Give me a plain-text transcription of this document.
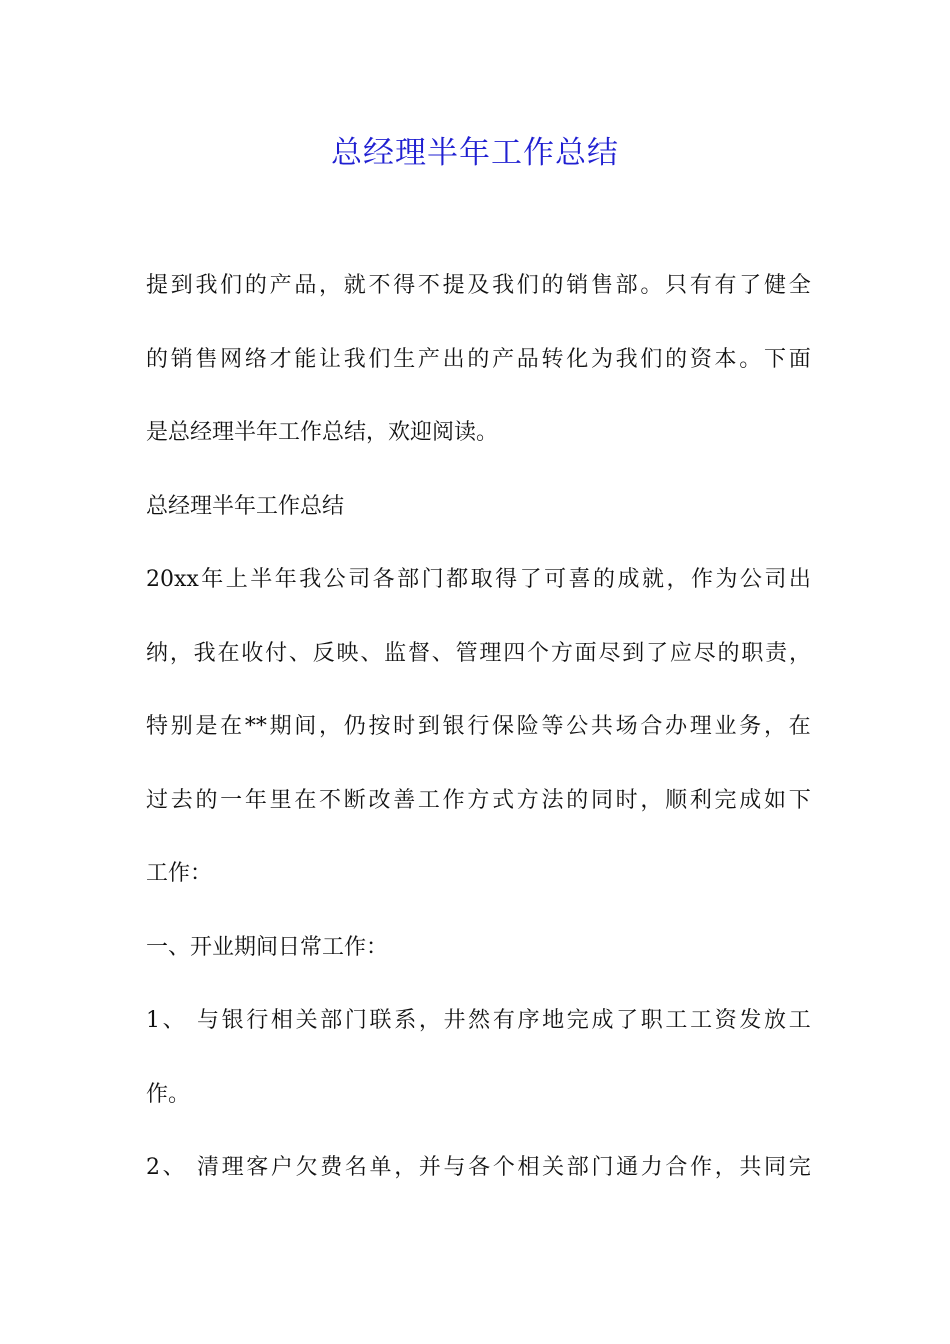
总经理半年工作总结
提 到 我 们 的 产 品 ， 就 不 得 不 提 及 我 们 的 销 售 部 。 只 有 有 了 健 全
的 销 售 网 络 才 能 让 我 们 生 产 出 的 产 品 转 化 为 我 们 的 资 本 。 下 面
是总经理半年工作总结，欢迎阅读。
总经理半年工作总结
20xx 年 上 半 年 我 公 司 各 部 门 都 取 得 了 可 喜 的 成 就 ， 作 为 公 司 出
纳 ， 我 在 收 付 、 反 映 、 监 督 、 管 理 四 个 方 面 尽 到 了 应 尽 的 职 责 ，
特 别 是 在 ** 期 间 ， 仍 按 时 到 银 行 保 险 等 公 共 场 合 办 理 业 务 ， 在
过 去 的 一 年 里 在 不 断 改 善 工 作 方 式 方 法 的 同 时 ， 顺 利 完 成 如 下
工作：
一、开业期间日常工作：
1 、
与 银 行 相 关 部 门 联 系 ， 井 然 有 序 地 完 成 了 职 工 工 资 发 放 工
作。
2 、
清 理 客 户 欠 费 名 单 ， 并 与 各 个 相 关 部 门 通 力 合 作 ， 共 同 完
